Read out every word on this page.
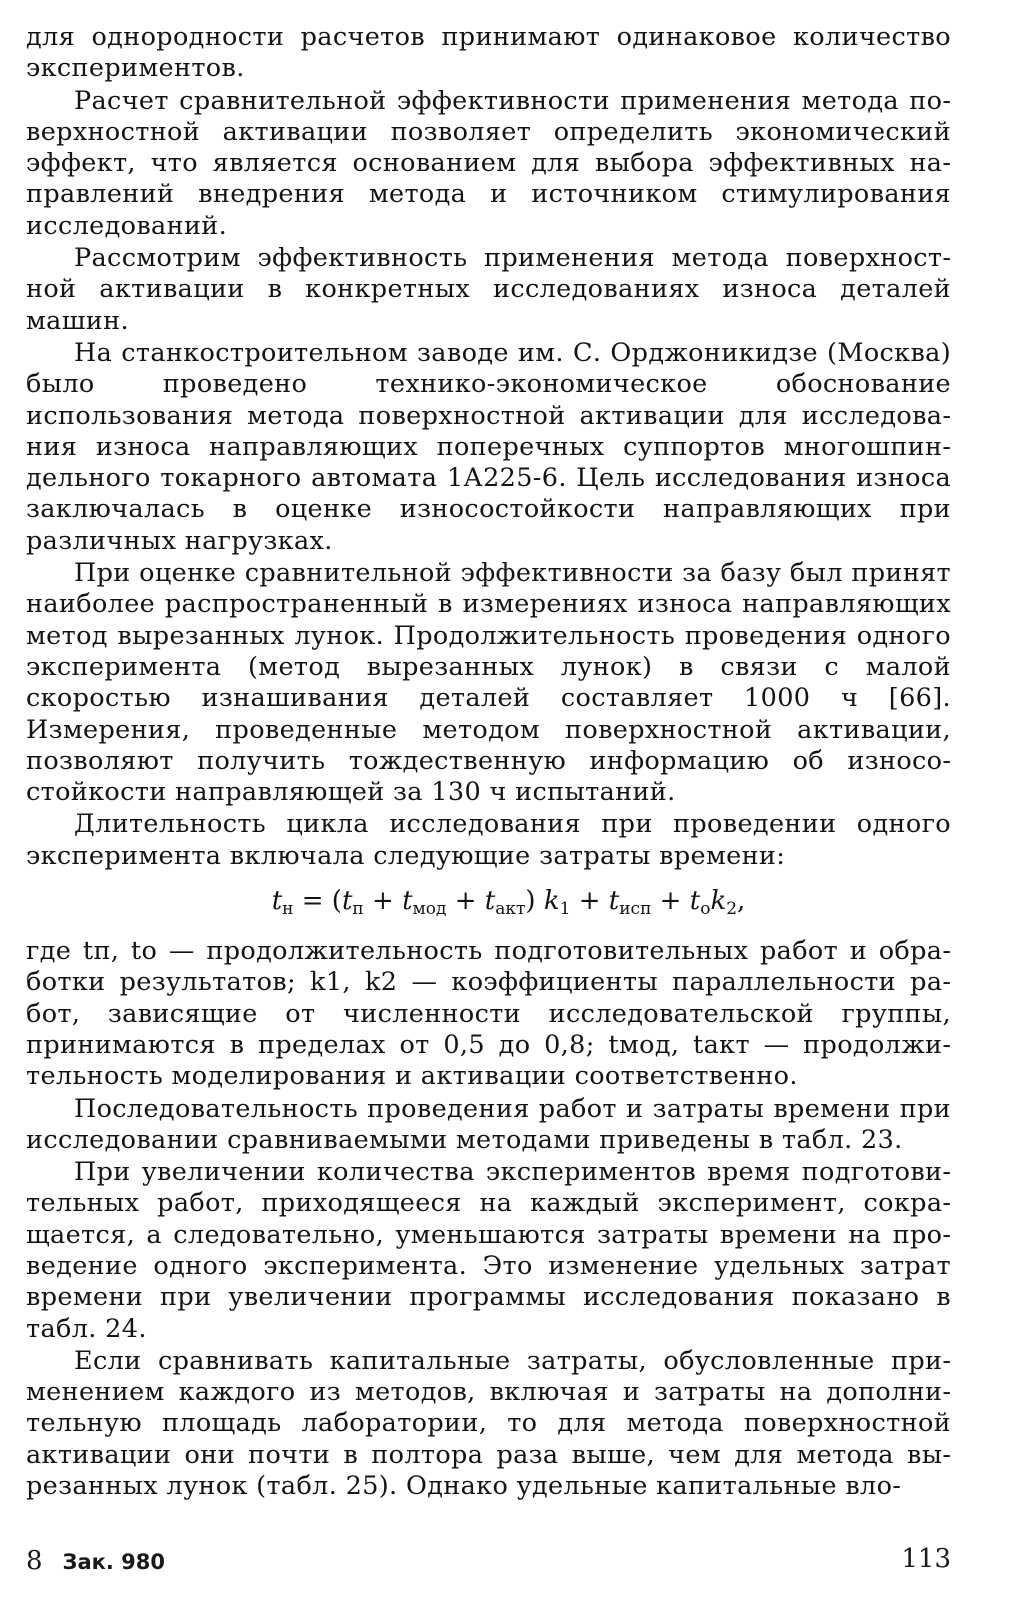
для однородности расчетов принимают одинаковое количество экспериментов.

Расчет сравнительной эффективности применения метода поверхностной активации позволяет определить экономический эффект, что является основанием для выбора эффективных направлений внедрения метода и источником стимулирования исследований.

Рассмотрим эффективность применения метода поверхностной активации в конкретных исследованиях износа деталей машин.

На станкостроительном заводе им. С. Орджоникидзе (Москва) было проведено технико-экономическое обоснование использования метода поверхностной активации для исследования износа направляющих поперечных суппортов многошпиндельного токарного автомата 1А225-6. Цель исследования износа заключалась в оценке износостойкости направляющих при различных нагрузках.

При оценке сравнительной эффективности за базу был принят наиболее распространенный в измерениях износа направляющих метод вырезанных лунок. Продолжительность проведения одного эксперимента (метод вырезанных лунок) в связи с малой скоростью изнашивания деталей составляет 1000 ч [66]. Измерения, проведенные методом поверхностной активации, позволяют получить тождественную информацию об износостойкости направляющей за 130 ч испытаний.

Длительность цикла исследования при проведении одного эксперимента включала следующие затраты времени:

$t_н = (t_п + t_{мод} + t_{акт}) k_1 + t_{исп} + t_оk_2$,

где tп, tо — продолжительность подготовительных работ и обработки результатов; k1, k2 — коэффициенты параллельности работ, зависящие от численности исследовательской группы, принимаются в пределах от 0,5 до 0,8; tмод, tакт — продолжительность моделирования и активации соответственно.

Последовательность проведения работ и затраты времени при исследовании сравниваемыми методами приведены в табл. 23.

При увеличении количества экспериментов время подготовительных работ, приходящееся на каждый эксперимент, сокращается, а следовательно, уменьшаются затраты времени на проведение одного эксперимента. Это изменение удельных затрат времени при увеличении программы исследования показано в табл. 24.

Если сравнивать капитальные затраты, обусловленные применением каждого из методов, включая и затраты на дополнительную площадь лаборатории, то для метода поверхностной активации они почти в полтора раза выше, чем для метода вырезанных лунок (табл. 25). Однако удельные капитальные вло-

8 Зак. 980	113
